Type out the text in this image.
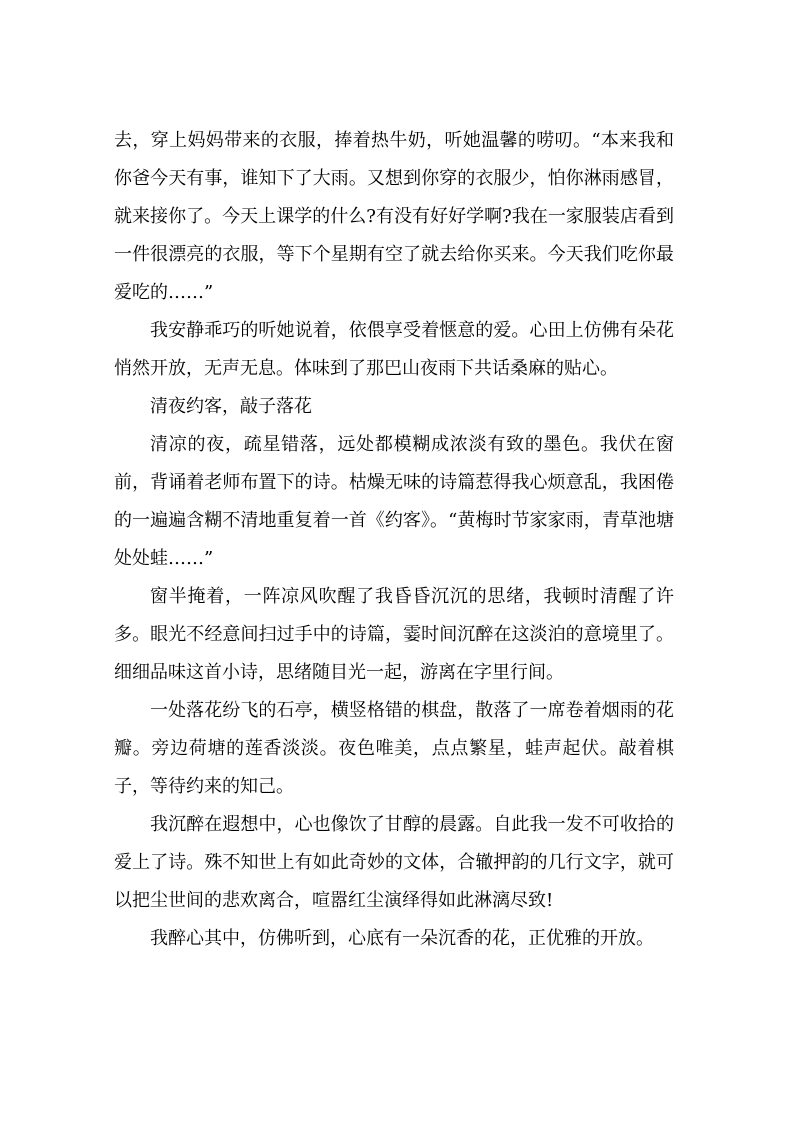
去，穿上妈妈带来的衣服，捧着热牛奶，听她温馨的唠叨。“本来我和你爸今天有事，谁知下了大雨。又想到你穿的衣服少，怕你淋雨感冒，就来接你了。今天上课学的什么?有没有好好学啊?我在一家服装店看到一件很漂亮的衣服，等下个星期有空了就去给你买来。今天我们吃你最爱吃的……”

我安静乖巧的听她说着，依偎享受着惬意的爱。心田上仿佛有朵花悄然开放，无声无息。体味到了那巴山夜雨下共话桑麻的贴心。

清夜约客，敲子落花

清凉的夜，疏星错落，远处都模糊成浓淡有致的墨色。我伏在窗前，背诵着老师布置下的诗。枯燥无味的诗篇惹得我心烦意乱，我困倦的一遍遍含糊不清地重复着一首《约客》。“黄梅时节家家雨，青草池塘处处蛙……”

窗半掩着，一阵凉风吹醒了我昏昏沉沉的思绪，我顿时清醒了许多。眼光不经意间扫过手中的诗篇，霎时间沉醉在这淡泊的意境里了。细细品味这首小诗，思绪随目光一起，游离在字里行间。

一处落花纷飞的石亭，横竖格错的棋盘，散落了一席卷着烟雨的花瓣。旁边荷塘的莲香淡淡。夜色唯美，点点繁星，蛙声起伏。敲着棋子，等待约来的知己。

我沉醉在遐想中，心也像饮了甘醇的晨露。自此我一发不可收拾的爱上了诗。殊不知世上有如此奇妙的文体，合辙押韵的几行文字，就可以把尘世间的悲欢离合，喧嚣红尘演绎得如此淋漓尽致!

我醉心其中，仿佛听到，心底有一朵沉香的花，正优雅的开放。
